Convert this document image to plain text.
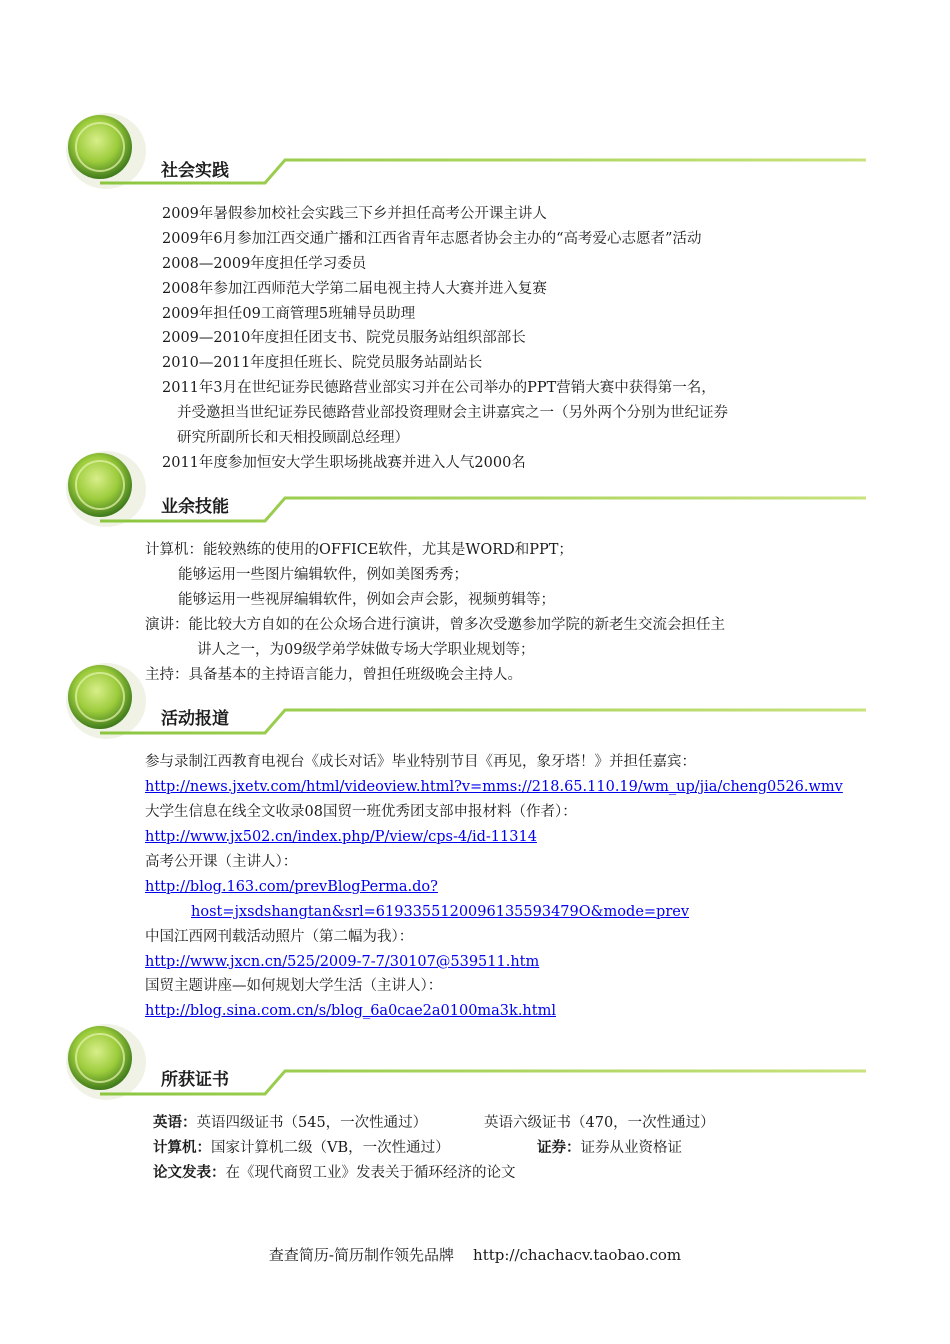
社会实践
2009年暑假参加校社会实践三下乡并担任高考公开课主讲人
2009年6月参加江西交通广播和江西省青年志愿者协会主办的“高考爱心志愿者”活动
2008—2009年度担任学习委员
2008年参加江西师范大学第二届电视主持人大赛并进入复赛
2009年担任09工商管理5班辅导员助理
2009—2010年度担任团支书、院党员服务站组织部部长
2010—2011年度担任班长、院党员服务站副站长
2011年3月在世纪证券民德路营业部实习并在公司举办的PPT营销大赛中获得第一名，
并受邀担当世纪证券民德路营业部投资理财会主讲嘉宾之一（另外两个分别为世纪证券
研究所副所长和天相投顾副总经理）
2011年度参加恒安大学生职场挑战赛并进入人气2000名
业余技能
计算机：能较熟练的使用的OFFICE软件，尤其是WORD和PPT；
能够运用一些图片编辑软件，例如美图秀秀；
能够运用一些视屏编辑软件，例如会声会影，视频剪辑等；
演讲：能比较大方自如的在公众场合进行演讲，曾多次受邀参加学院的新老生交流会担任主
讲人之一，为09级学弟学妹做专场大学职业规划等；
主持：具备基本的主持语言能力，曾担任班级晚会主持人。
活动报道
参与录制江西教育电视台《成长对话》毕业特别节目《再见，象牙塔！》并担任嘉宾：
http://news.jxetv.com/html/videoview.html?v=mms://218.65.110.19/wm_up/jia/cheng0526.wmv
大学生信息在线全文收录08国贸一班优秀团支部申报材料（作者）：
http://www.jx502.cn/index.php/P/view/cps-4/id-11314
高考公开课（主讲人）：
http://blog.163.com/prevBlogPerma.do?
host=jxsdshangtan&srl=6193355120096135593479O&mode=prev
中国江西网刊载活动照片（第二幅为我）：
http://www.jxcn.cn/525/2009-7-7/30107@539511.htm
国贸主题讲座—如何规划大学生活（主讲人）：
http://blog.sina.com.cn/s/blog_6a0cae2a0100ma3k.html
所获证书
英语：英语四级证书（545，一次性通过）	英语六级证书（470，一次性通过）
计算机：国家计算机二级（VB，一次性通过）	证券：证券从业资格证
论文发表：在《现代商贸工业》发表关于循环经济的论文
查查简历-简历制作领先品牌 http://chachacv.taobao.com
